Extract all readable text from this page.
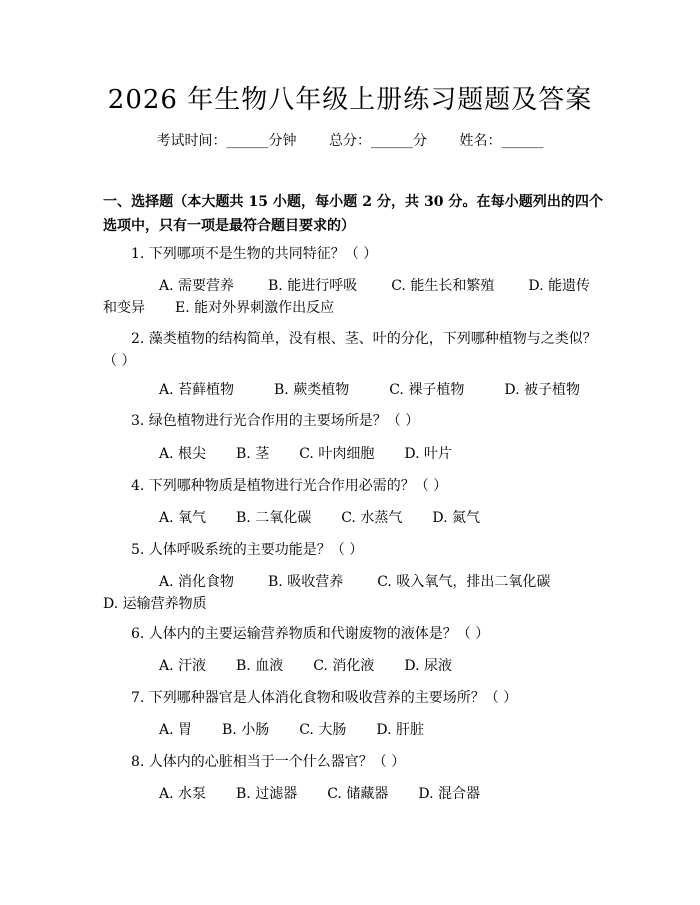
2026 年生物八年级上册练习题题及答案
考试时间：______分钟 总分：______分 姓名：______
一、选择题（本大题共 15 小题，每小题 2 分，共 30 分。在每小题列出的四个选项中，只有一项是最符合题目要求的）
1. 下列哪项不是生物的共同特征？（ ）
A. 需要营养 B. 能进行呼吸 C. 能生长和繁殖 D. 能遗传和变异 E. 能对外界刺激作出反应
2. 藻类植物的结构简单，没有根、茎、叶的分化，下列哪种植物与之类似？（ ）
A. 苔藓植物	B. 蕨类植物	C. 裸子植物	D. 被子植物
3. 绿色植物进行光合作用的主要场所是？（ ）
A. 根尖 B. 茎 C. 叶肉细胞 D. 叶片
4. 下列哪种物质是植物进行光合作用必需的？（ ）
A. 氧气 B. 二氧化碳 C. 水蒸气 D. 氮气
5. 人体呼吸系统的主要功能是？（ ）
A. 消化食物 B. 吸收营养 C. 吸入氧气，排出二氧化碳D. 运输营养物质
6. 人体内的主要运输营养物质和代谢废物的液体是？（ ）
A. 汗液 B. 血液 C. 消化液 D. 尿液
7. 下列哪种器官是人体消化食物和吸收营养的主要场所？（ ）
A. 胃 B. 小肠 C. 大肠 D. 肝脏
8. 人体内的心脏相当于一个什么器官？（ ）
A. 水泵 B. 过滤器 C. 储藏器 D. 混合器
